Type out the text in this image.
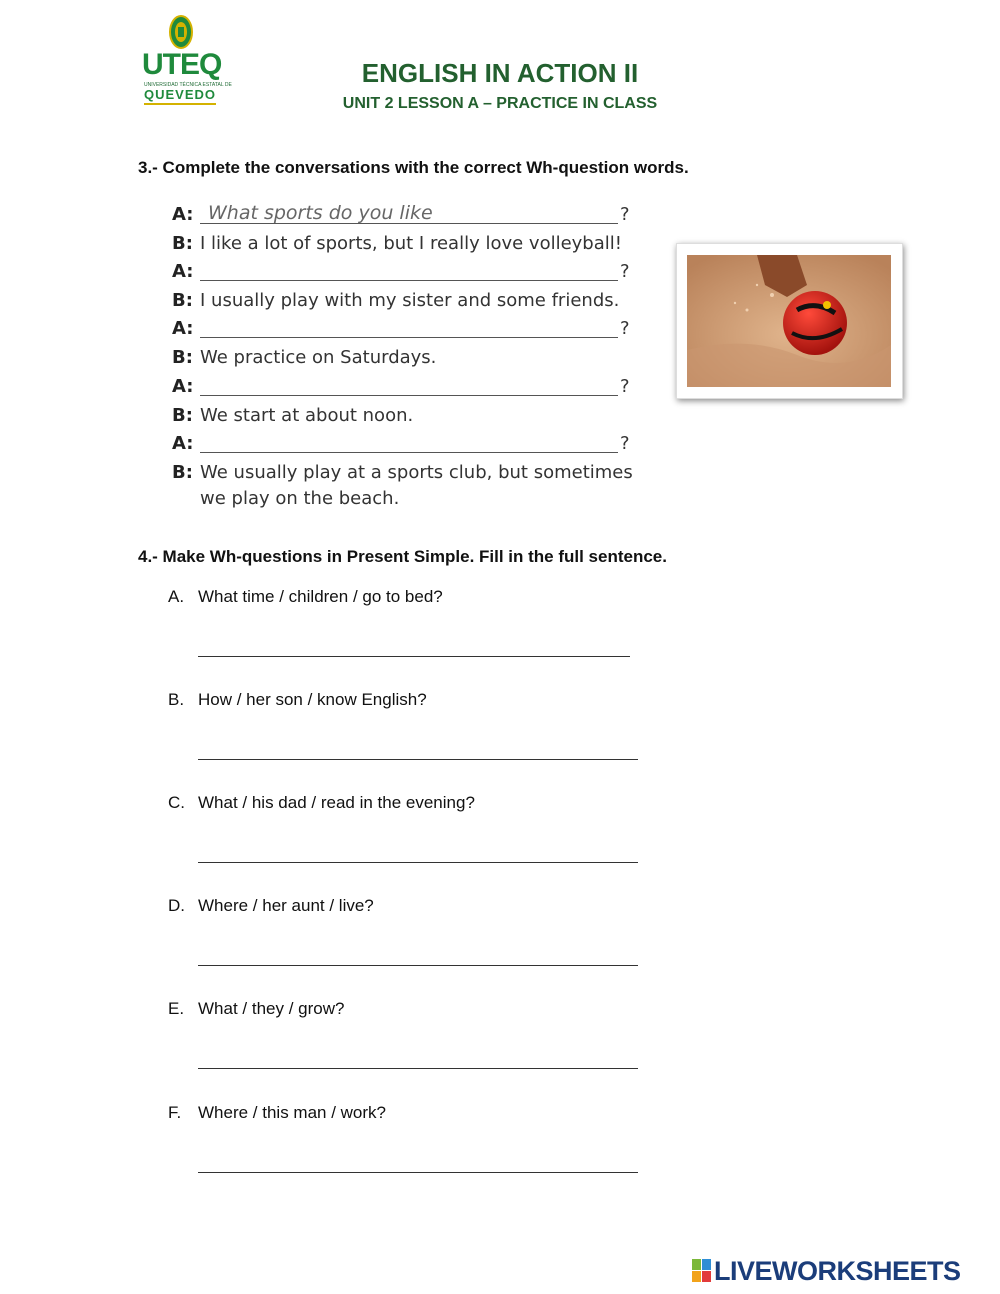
UTEQ
UNIVERSIDAD TÉCNICA ESTATAL DE
QUEVEDO
ENGLISH IN ACTION II
UNIT 2 LESSON A – PRACTICE IN CLASS
3.- Complete the conversations with the correct Wh-question words.
A: What sports do you like	?
B: I like a lot of sports, but I really love volleyball!
A:	?
B: I usually play with my sister and some friends.
A:	?
B: We practice on Saturdays.
A:	?
B: We start at about noon.
A:	?
B: We usually play at a sports club, but sometimes
we play on the beach.
4.- Make Wh-questions in Present Simple. Fill in the full sentence.
A. What time / children / go to bed?
B. How / her son / know English?
C. What / his dad / read in the evening?
D. Where / her aunt / live?
E. What / they / grow?
F. Where / this man / work?
LIVEWORKSHEETS
